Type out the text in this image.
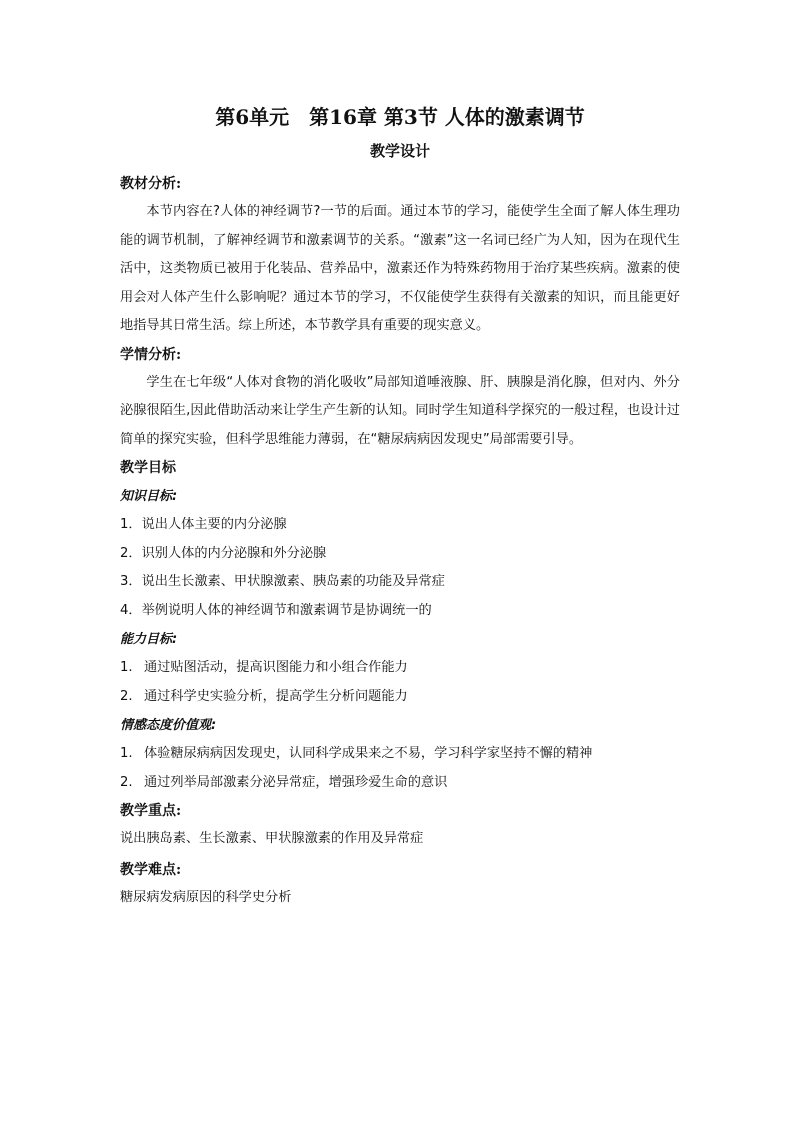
第6单元　第16章 第3节 人体的激素调节
教学设计
教材分析:

本节内容在?人体的神经调节?一节的后面。通过本节的学习，能使学生全面了解人体生理功能的调节机制，了解神经调节和激素调节的关系。“激素”这一名词已经广为人知，因为在现代生活中，这类物质已被用于化装品、营养品中，激素还作为特殊药物用于治疗某些疾病。激素的使用会对人体产生什么影响呢？通过本节的学习，不仅能使学生获得有关激素的知识，而且能更好地指导其日常生活。综上所述，本节教学具有重要的现实意义。

学情分析:

学生在七年级“人体对食物的消化吸收”局部知道唾液腺、肝、胰腺是消化腺，但对内、外分泌腺很陌生,因此借助活动来让学生产生新的认知。同时学生知道科学探究的一般过程，也设计过简单的探究实验，但科学思维能力薄弱，在“糖尿病病因发现史”局部需要引导。

教学目标
知识目标:
1．说出人体主要的内分泌腺
2．识别人体的内分泌腺和外分泌腺
3．说出生长激素、甲状腺激素、胰岛素的功能及异常症
4．举例说明人体的神经调节和激素调节是协调统一的
能力目标:
1. 通过贴图活动，提高识图能力和小组合作能力
2. 通过科学史实验分析，提高学生分析问题能力
情感态度价值观:
1. 体验糖尿病病因发现史，认同科学成果来之不易，学习科学家坚持不懈的精神
2. 通过列举局部激素分泌异常症，增强珍爱生命的意识
教学重点:

说出胰岛素、生长激素、甲状腺激素的作用及异常症

教学难点:

糖尿病发病原因的科学史分析
